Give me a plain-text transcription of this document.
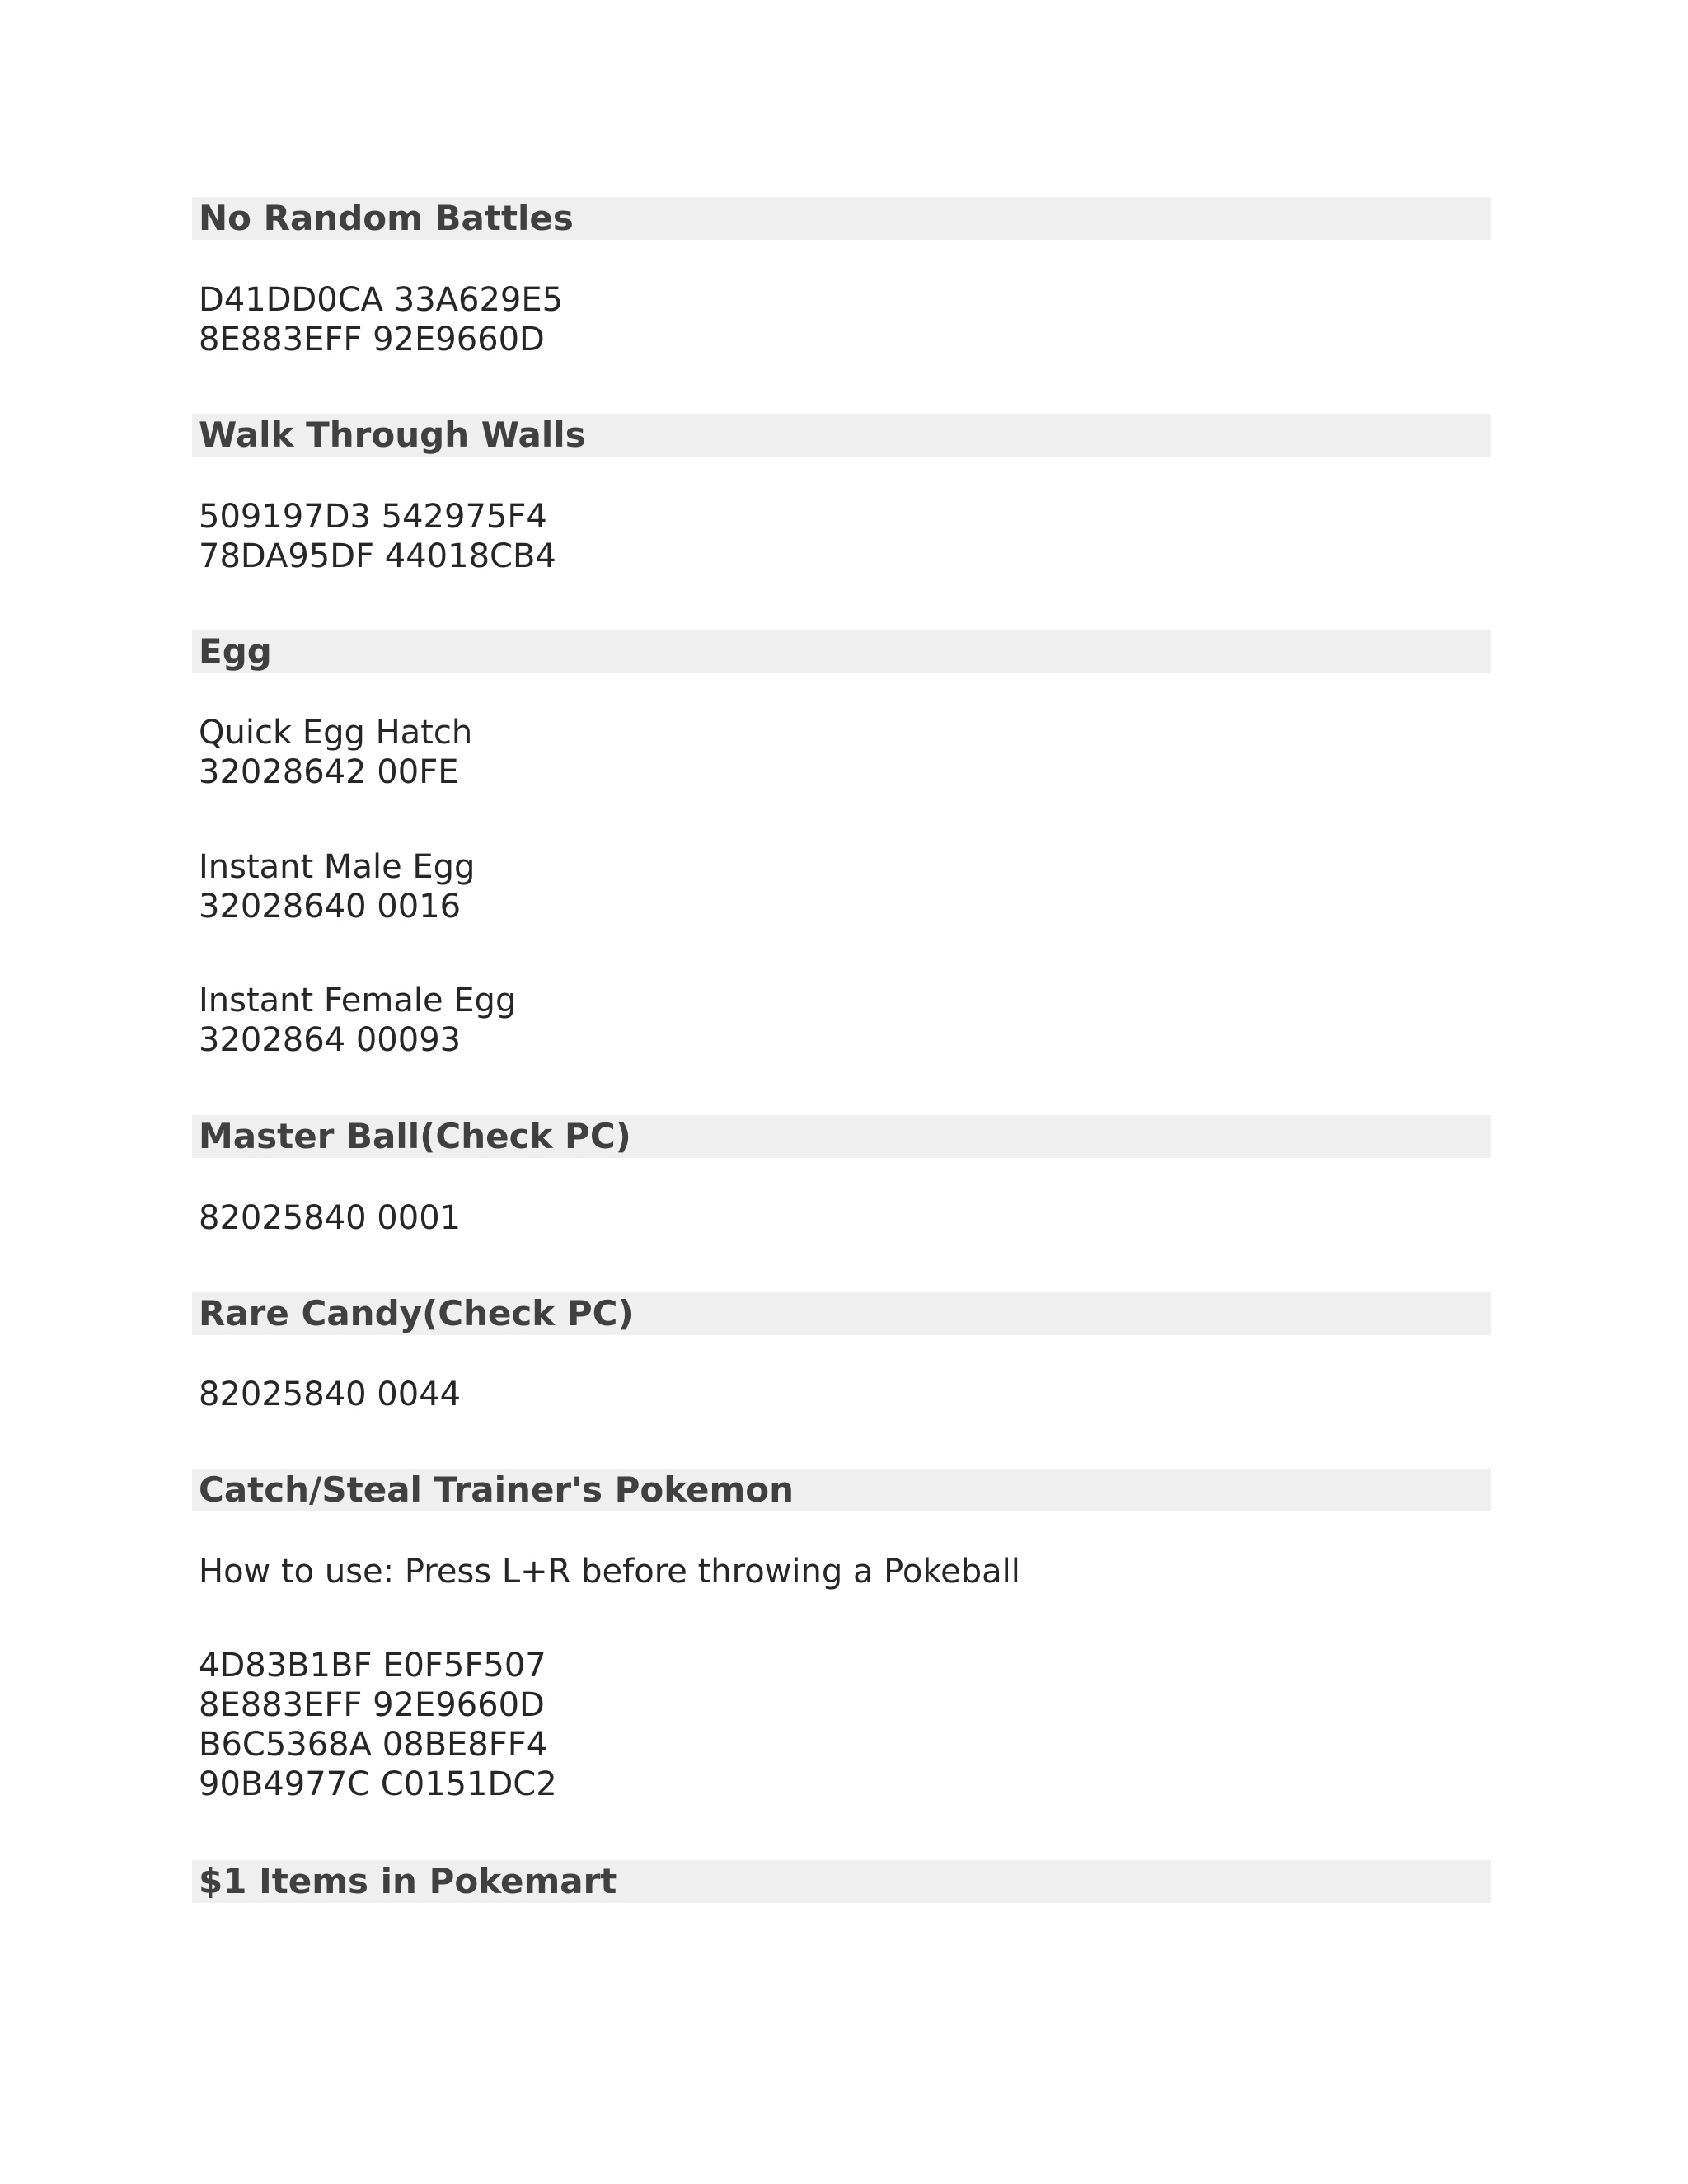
No Random Battles
D41DD0CA 33A629E5
8E883EFF 92E9660D
Walk Through Walls
509197D3 542975F4
78DA95DF 44018CB4
Egg
Quick Egg Hatch
32028642 00FE
Instant Male Egg
32028640 0016
Instant Female Egg
3202864 00093
Master Ball(Check PC)
82025840 0001
Rare Candy(Check PC)
82025840 0044
Catch/Steal Trainer's Pokemon
How to use: Press L+R before throwing a Pokeball
4D83B1BF E0F5F507
8E883EFF 92E9660D
B6C5368A 08BE8FF4
90B4977C C0151DC2
$1 Items in Pokemart
